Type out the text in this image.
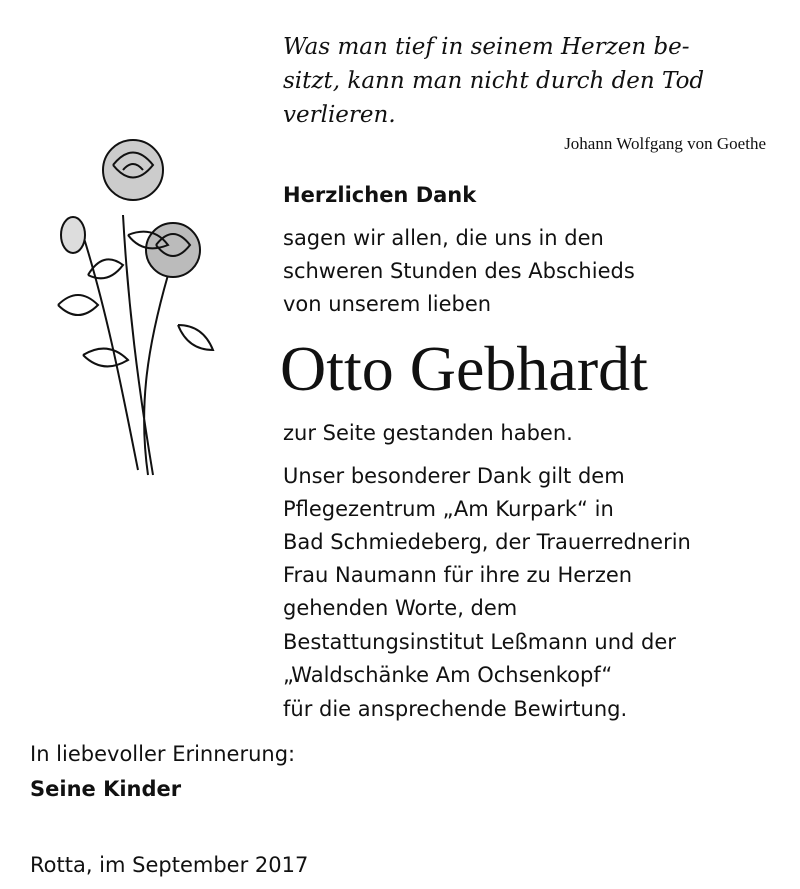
Was man tief in seinem Herzen be-
sitzt, kann man nicht durch den Tod
verlieren.
Johann Wolfgang von Goethe
Herzlichen Dank
sagen wir allen, die uns in den
schweren Stunden des Abschieds
von unserem lieben
Otto Gebhardt
zur Seite gestanden haben.
Unser besonderer Dank gilt dem
Pflegezentrum „Am Kurpark“ in
Bad Schmiedeberg, der Trauerrednerin
Frau Naumann für ihre zu Herzen
gehenden Worte, dem
Bestattungsinstitut Leßmann und der
„Waldschänke Am Ochsenkopf“
für die ansprechende Bewirtung.
In liebevoller Erinnerung:
Seine Kinder
Rotta, im September 2017
